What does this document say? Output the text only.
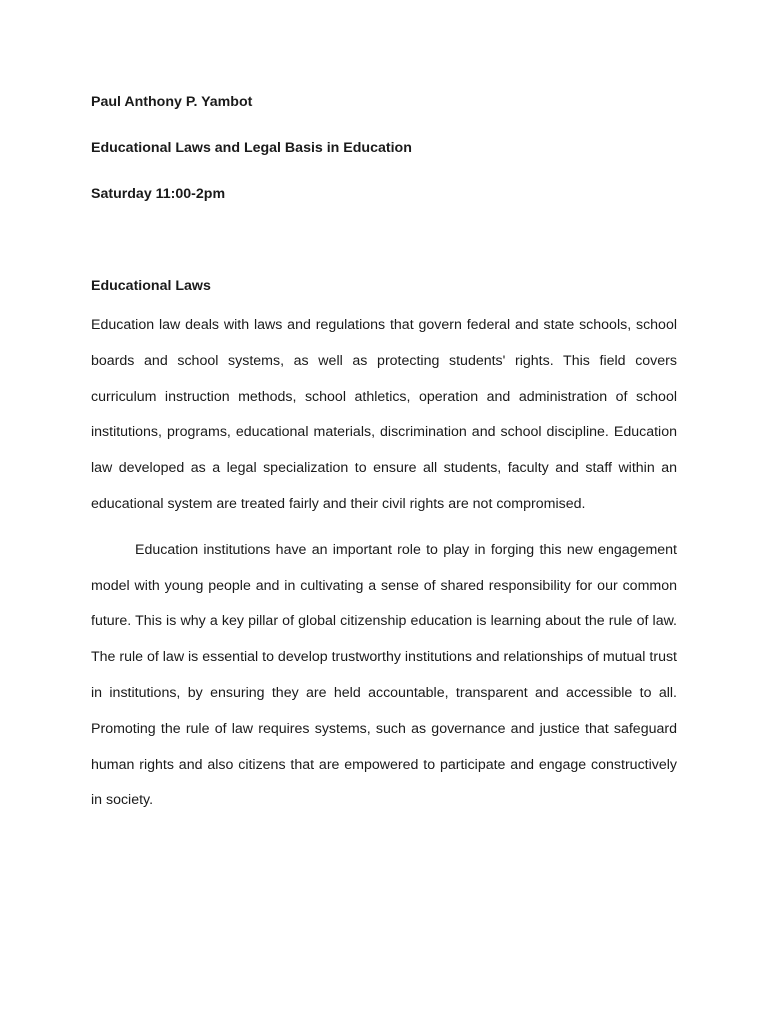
Paul Anthony P. Yambot

Educational Laws and Legal Basis in Education

Saturday 11:00-2pm

Educational Laws

Education law deals with laws and regulations that govern federal and state schools, school boards and school systems, as well as protecting students' rights. This field covers curriculum instruction methods, school athletics, operation and administration of school institutions, programs, educational materials, discrimination and school discipline. Education law developed as a legal specialization to ensure all students, faculty and staff within an educational system are treated fairly and their civil rights are not compromised.

Education institutions have an important role to play in forging this new engagement model with young people and in cultivating a sense of shared responsibility for our common future. This is why a key pillar of global citizenship education is learning about the rule of law. The rule of law is essential to develop trustworthy institutions and relationships of mutual trust in institutions, by ensuring they are held accountable, transparent and accessible to all. Promoting the rule of law requires systems, such as governance and justice that safeguard human rights and also citizens that are empowered to participate and engage constructively in society.
